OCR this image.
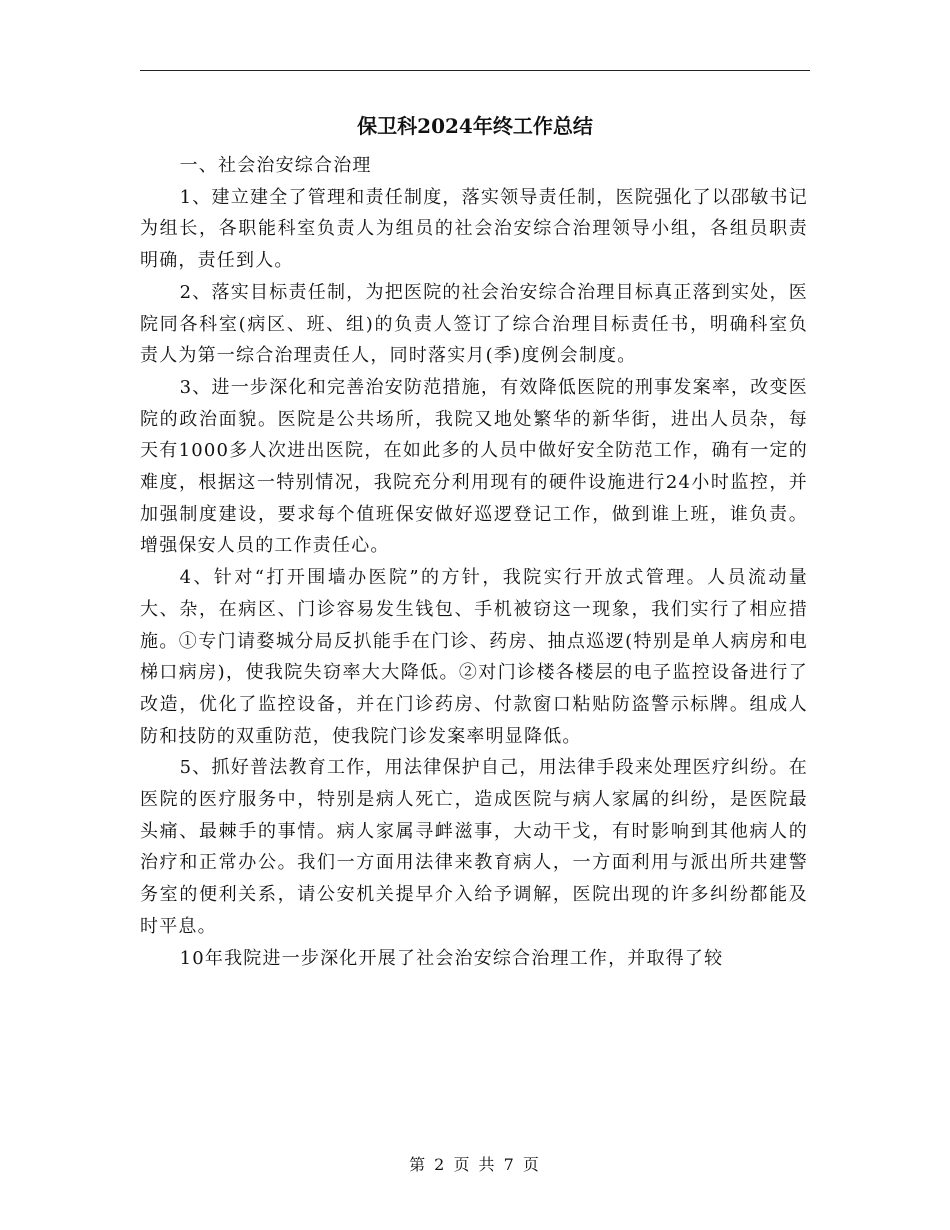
保卫科2024年终工作总结

一、社会治安综合治理

1、建立建全了管理和责任制度，落实领导责任制，医院强化了以邵敏书记为组长，各职能科室负责人为组员的社会治安综合治理领导小组，各组员职责明确，责任到人。

2、落实目标责任制，为把医院的社会治安综合治理目标真正落到实处，医院同各科室(病区、班、组)的负责人签订了综合治理目标责任书，明确科室负责人为第一综合治理责任人，同时落实月(季)度例会制度。

3、进一步深化和完善治安防范措施，有效降低医院的刑事发案率，改变医院的政治面貌。医院是公共场所，我院又地处繁华的新华街，进出人员杂，每天有1000多人次进出医院，在如此多的人员中做好安全防范工作，确有一定的难度，根据这一特别情况，我院充分利用现有的硬件设施进行24小时监控，并加强制度建设，要求每个值班保安做好巡逻登记工作，做到谁上班，谁负责。增强保安人员的工作责任心。

4、针对“打开围墙办医院”的方针，我院实行开放式管理。人员流动量大、杂，在病区、门诊容易发生钱包、手机被窃这一现象，我们实行了相应措施。①专门请婺城分局反扒能手在门诊、药房、抽点巡逻(特别是单人病房和电梯口病房)，使我院失窃率大大降低。②对门诊楼各楼层的电子监控设备进行了改造，优化了监控设备，并在门诊药房、付款窗口粘贴防盗警示标牌。组成人防和技防的双重防范，使我院门诊发案率明显降低。

5、抓好普法教育工作，用法律保护自己，用法律手段来处理医疗纠纷。在医院的医疗服务中，特别是病人死亡，造成医院与病人家属的纠纷，是医院最头痛、最棘手的事情。病人家属寻衅滋事，大动干戈，有时影响到其他病人的治疗和正常办公。我们一方面用法律来教育病人，一方面利用与派出所共建警务室的便利关系，请公安机关提早介入给予调解，医院出现的许多纠纷都能及时平息。

10年我院进一步深化开展了社会治安综合治理工作，并取得了较

第 2 页 共 7 页
